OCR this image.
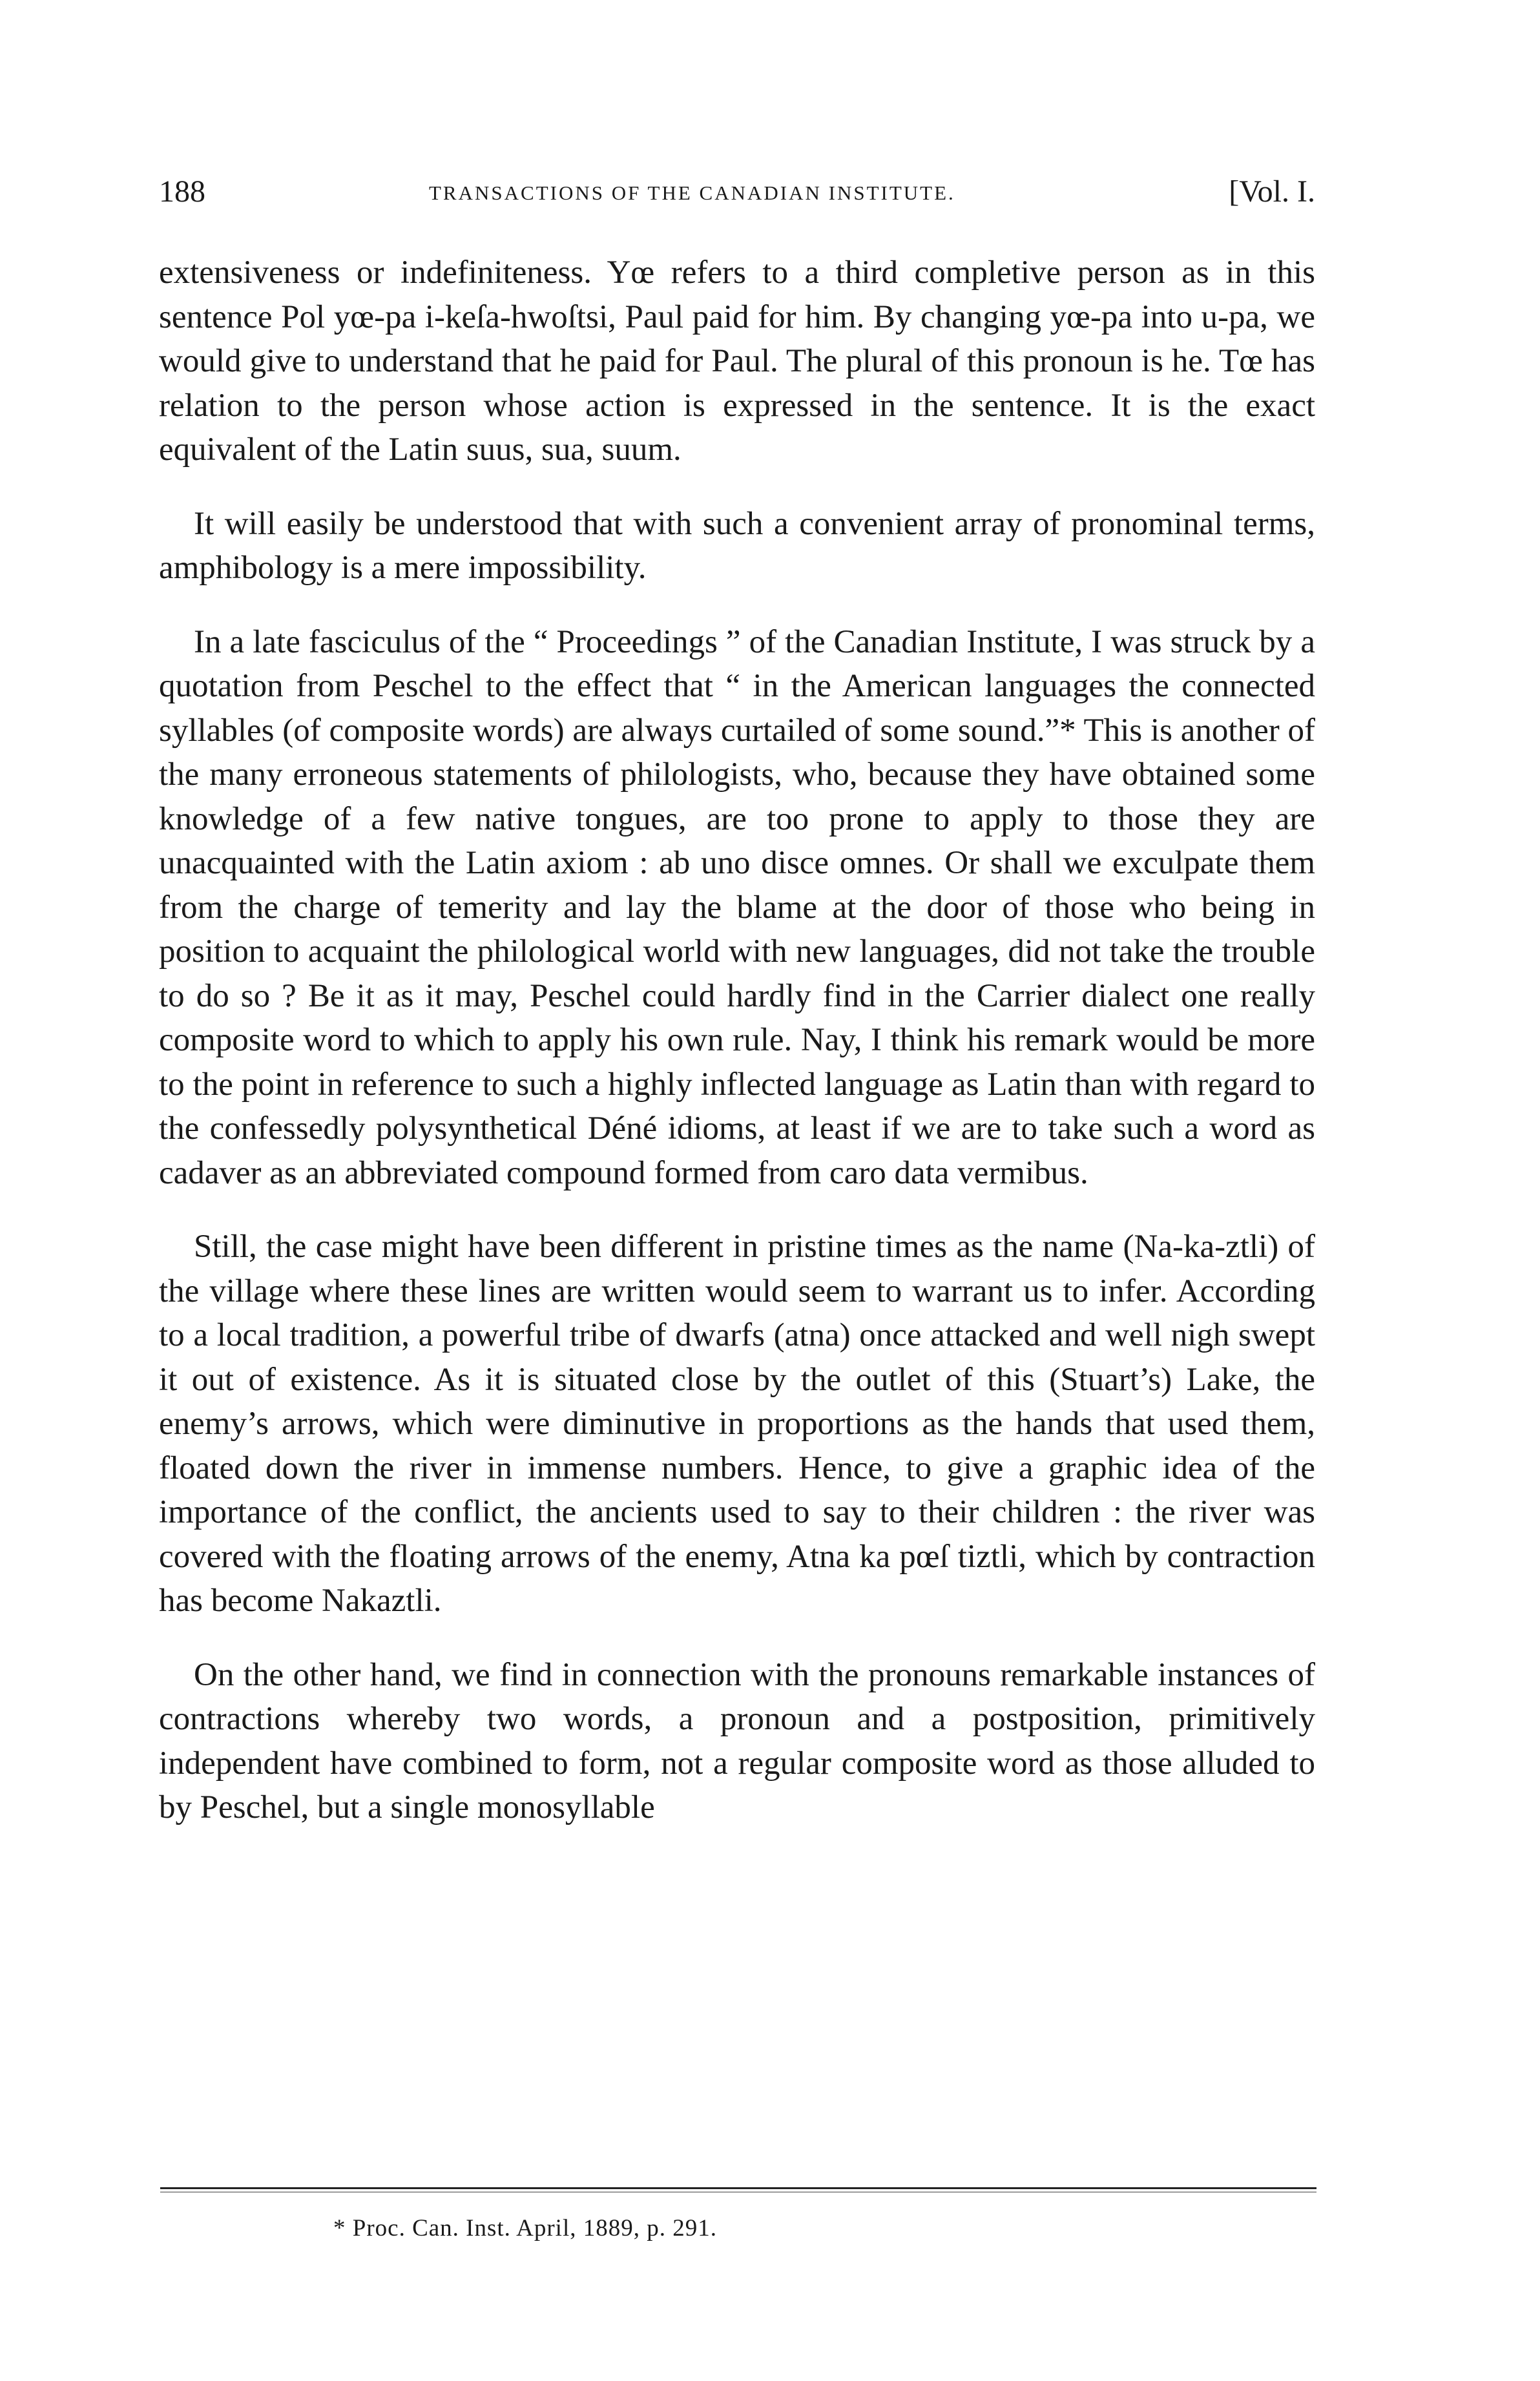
188	TRANSACTIONS OF THE CANADIAN INSTITUTE.	[Vol. I.

extensiveness or indefiniteness. Yœ refers to a third completive person as in this sentence Pol yœ-pa i-keſa-hwoſtsi, Paul paid for him. By changing yœ-pa into u-pa, we would give to understand that he paid for Paul. The plural of this pronoun is he. Tœ has relation to the person whose action is expressed in the sentence. It is the exact equivalent of the Latin suus, sua, suum.

It will easily be understood that with such a convenient array of pronominal terms, amphibology is a mere impossibility.

In a late fasciculus of the “ Proceedings ” of the Canadian Institute, I was struck by a quotation from Peschel to the effect that “ in the American languages the connected syllables (of composite words) are always curtailed of some sound.”* This is another of the many erroneous statements of philologists, who, because they have obtained some knowledge of a few native tongues, are too prone to apply to those they are unacquainted with the Latin axiom : ab uno disce omnes. Or shall we exculpate them from the charge of temerity and lay the blame at the door of those who being in position to acquaint the philological world with new languages, did not take the trouble to do so ? Be it as it may, Peschel could hardly find in the Carrier dialect one really composite word to which to apply his own rule. Nay, I think his remark would be more to the point in reference to such a highly inflected language as Latin than with regard to the confessedly polysynthetical Déné idioms, at least if we are to take such a word as cadaver as an abbreviated compound formed from caro data vermibus.

Still, the case might have been different in pristine times as the name (Na-ka-ztli) of the village where these lines are written would seem to warrant us to infer. According to a local tradition, a powerful tribe of dwarfs (atna) once attacked and well nigh swept it out of existence. As it is situated close by the outlet of this (Stuart’s) Lake, the enemy’s arrows, which were diminutive in proportions as the hands that used them, floated down the river in immense numbers. Hence, to give a graphic idea of the importance of the conflict, the ancients used to say to their children : the river was covered with the floating arrows of the enemy, Atna ka pœſ tiztli, which by contraction has become Nakaztli.

On the other hand, we find in connection with the pronouns remarkable instances of contractions whereby two words, a pronoun and a postposition, primitively independent have combined to form, not a regular composite word as those alluded to by Peschel, but a single monosyllable

* Proc. Can. Inst. April, 1889, p. 291.
